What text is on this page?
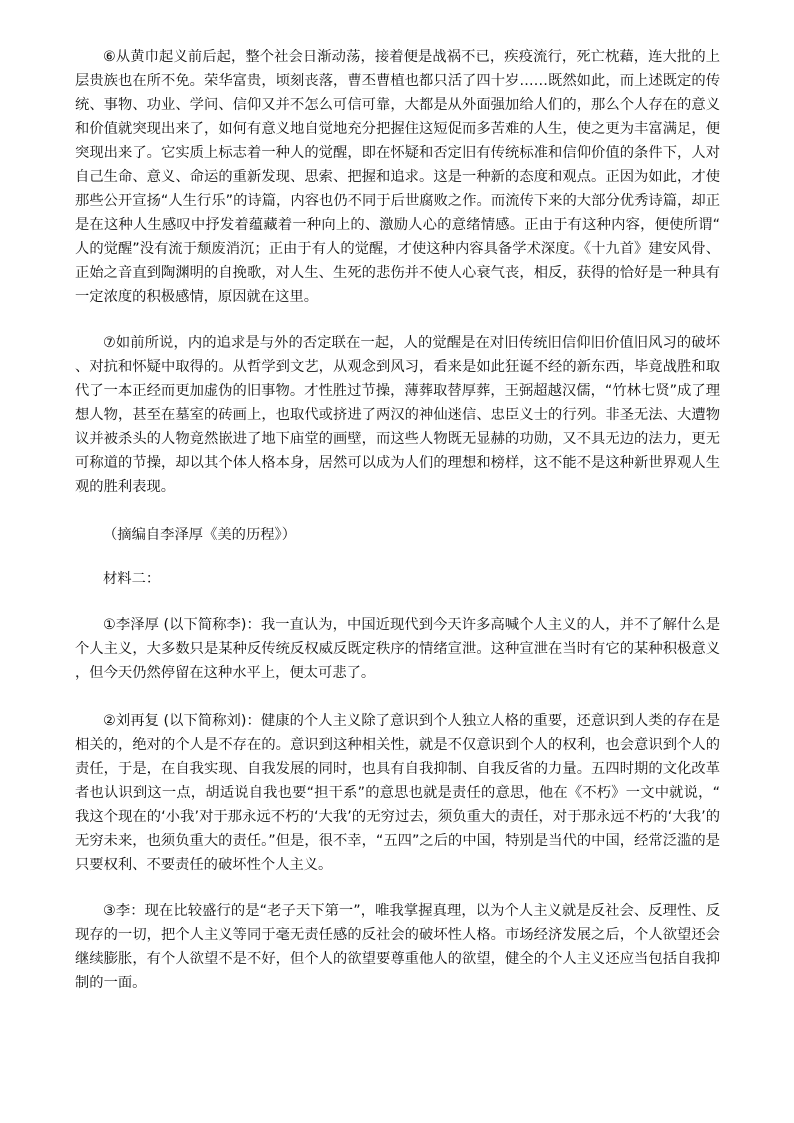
⑥从黄巾起义前后起，整个社会日渐动荡，接着便是战祸不已，疾疫流行，死亡枕藉，连大批的上层贵族也在所不免。荣华富贵，顷刻丧落，曹丕曹植也都只活了四十岁……既然如此，而上述既定的传统、事物、功业、学问、信仰又并不怎么可信可靠，大都是从外面强加给人们的，那么个人存在的意义和价值就突现出来了，如何有意义地自觉地充分把握住这短促而多苦难的人生，使之更为丰富满足，便突现出来了。它实质上标志着一种人的觉醒，即在怀疑和否定旧有传统标准和信仰价值的条件下，人对自己生命、意义、命运的重新发现、思索、把握和追求。这是一种新的态度和观点。正因为如此，才使那些公开宣扬“人生行乐”的诗篇，内容也仍不同于后世腐败之作。而流传下来的大部分优秀诗篇，却正是在这种人生感叹中抒发着蕴藏着一种向上的、激励人心的意绪情感。正由于有这种内容，便使所谓“人的觉醒”没有流于颓废消沉；正由于有人的觉醒，才使这种内容具备学术深度。《十九首》建安风骨、正始之音直到陶渊明的自挽歌，对人生、生死的悲伤并不使人心衰气丧，相反，获得的恰好是一种具有一定浓度的积极感情，原因就在这里。

⑦如前所说，内的追求是与外的否定联在一起，人的觉醒是在对旧传统旧信仰旧价值旧风习的破坏、对抗和怀疑中取得的。从哲学到文艺，从观念到风习，看来是如此狂诞不经的新东西，毕竟战胜和取代了一本正经而更加虚伪的旧事物。才性胜过节操，薄葬取替厚葬，王弼超越汉儒，“竹林七贤”成了理想人物，甚至在墓室的砖画上，也取代或挤进了两汉的神仙迷信、忠臣义士的行列。非圣无法、大遭物议并被杀头的人物竟然嵌进了地下庙堂的画壁，而这些人物既无显赫的功勋，又不具无边的法力，更无可称道的节操，却以其个体人格本身，居然可以成为人们的理想和榜样，这不能不是这种新世界观人生观的胜利表现。

（摘编自李泽厚《美的历程》）

材料二：

①李泽厚 (以下简称李)：我一直认为，中国近现代到今天许多高喊个人主义的人，并不了解什么是个人主义，大多数只是某种反传统反权威反既定秩序的情绪宣泄。这种宣泄在当时有它的某种积极意义，但今天仍然停留在这种水平上，便太可悲了。

②刘再复 (以下简称刘)：健康的个人主义除了意识到个人独立人格的重要，还意识到人类的存在是相关的，绝对的个人是不存在的。意识到这种相关性，就是不仅意识到个人的权利，也会意识到个人的责任，于是，在自我实现、自我发展的同时，也具有自我抑制、自我反省的力量。五四时期的文化改革者也认识到这一点，胡适说自我也要“担干系”的意思也就是责任的意思，他在《不朽》一文中就说，“我这个现在的‘小我’对于那永远不朽的‘大我’的无穷过去，须负重大的责任，对于那永远不朽的‘大我’的无穷未来，也须负重大的责任。”但是，很不幸，“五四”之后的中国，特别是当代的中国，经常泛滥的是只要权利、不要责任的破坏性个人主义。

③李：现在比较盛行的是“老子天下第一”，唯我掌握真理，以为个人主义就是反社会、反理性、反现存的一切，把个人主义等同于毫无责任感的反社会的破坏性人格。市场经济发展之后，个人欲望还会继续膨胀，有个人欲望不是不好，但个人的欲望要尊重他人的欲望，健全的个人主义还应当包括自我抑制的一面。
